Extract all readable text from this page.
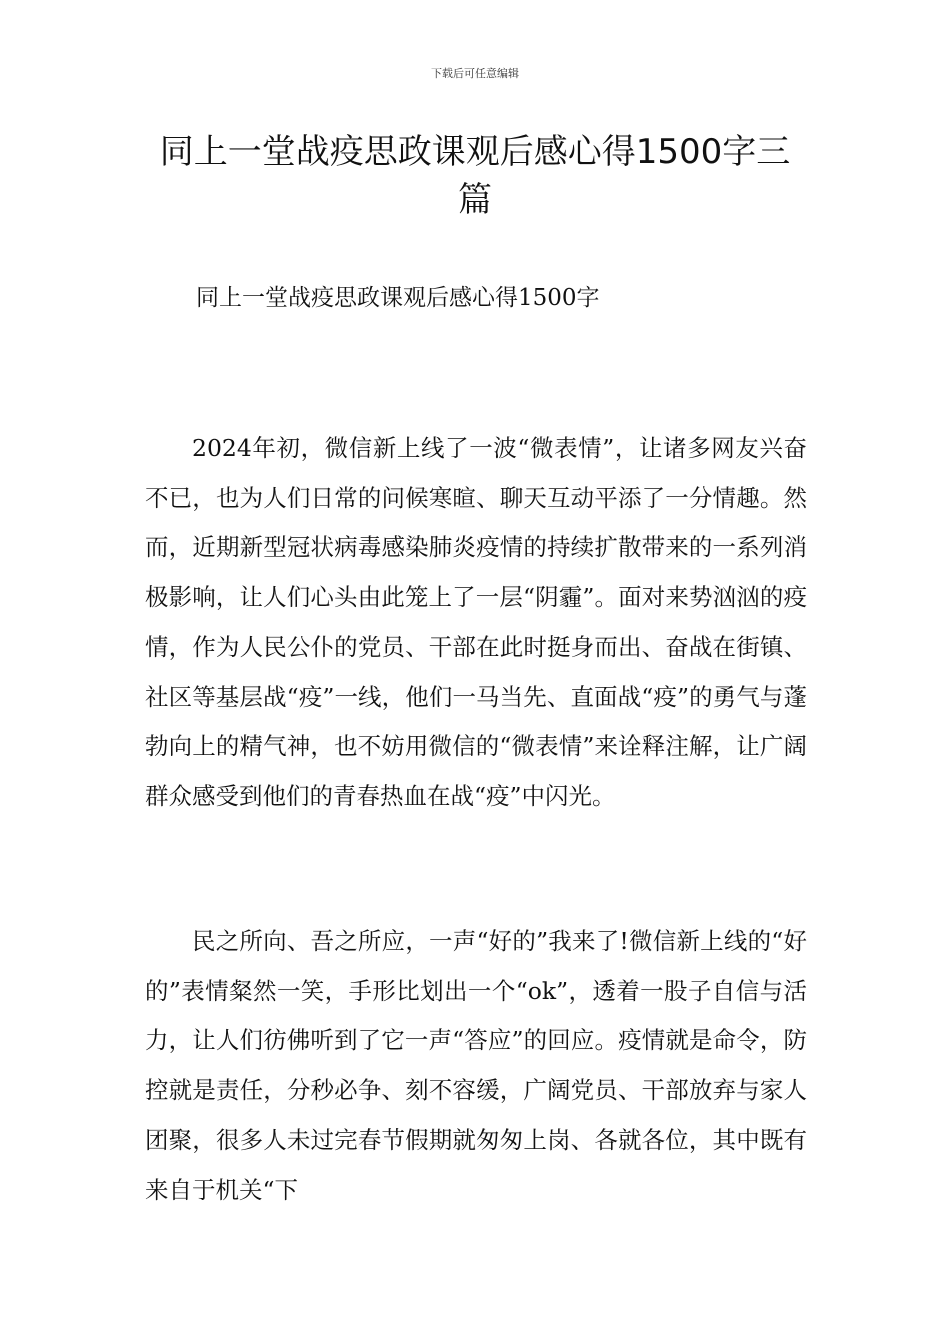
下载后可任意编辑
同上一堂战疫思政课观后感心得1500字三篇

同上一堂战疫思政课观后感心得1500字

2024年初，微信新上线了一波“微表情”，让诸多网友兴奋不已，也为人们日常的问候寒暄、聊天互动平添了一分情趣。然而，近期新型冠状病毒感染肺炎疫情的持续扩散带来的一系列消极影响，让人们心头由此笼上了一层“阴霾”。面对来势汹汹的疫情，作为人民公仆的党员、干部在此时挺身而出、奋战在街镇、社区等基层战“疫”一线，他们一马当先、直面战“疫”的勇气与蓬勃向上的精气神，也不妨用微信的“微表情”来诠释注解，让广阔群众感受到他们的青春热血在战“疫”中闪光。

民之所向、吾之所应，一声“好的”我来了!微信新上线的“好的”表情粲然一笑，手形比划出一个“ok”，透着一股子自信与活力，让人们彷佛听到了它一声“答应”的回应。疫情就是命令，防控就是责任，分秒必争、刻不容缓，广阔党员、干部放弃与家人团聚，很多人未过完春节假期就匆匆上岗、各就各位，其中既有来自于机关“下
